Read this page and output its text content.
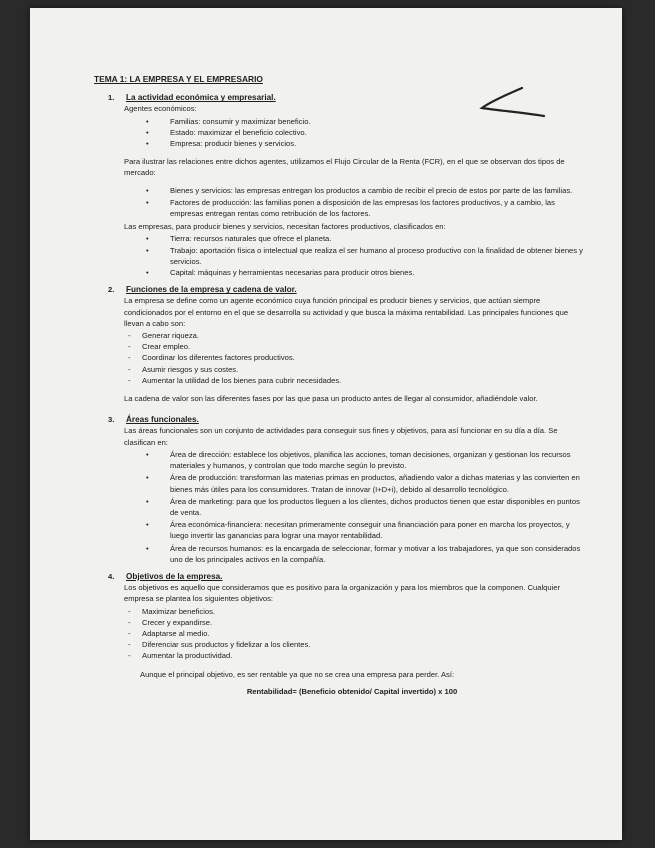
TEMA 1: LA EMPRESA Y EL EMPRESARIO
1.	La actividad económica y empresarial.

Agentes económicos:

• Familias: consumir y maximizar beneficio.
• Estado: maximizar el beneficio colectivo.
• Empresa: producir bienes y servicios.

Para ilustrar las relaciones entre dichos agentes, utilizamos el Flujo Circular de la Renta (FCR), en el que se observan dos tipos de mercado:

• Bienes y servicios: las empresas entregan los productos a cambio de recibir el precio de estos por parte de las familias.
• Factores de producción: las familias ponen a disposición de las empresas los factores productivos, y a cambio, las empresas entregan rentas como retribución de los factores.

Las empresas, para producir bienes y servicios, necesitan factores productivos, clasificados en:

• Tierra: recursos naturales que ofrece el planeta.
• Trabajo: aportación física o intelectual que realiza el ser humano al proceso productivo con la finalidad de obtener bienes y servicios.
• Capital: máquinas y herramientas necesarias para producir otros bienes.
2.	Funciones de la empresa y cadena de valor.

La empresa se define como un agente económico cuya función principal es producir bienes y servicios, que actúan siempre condicionados por el entorno en el que se desarrolla su actividad y que busca la máxima rentabilidad. Las principales funciones que llevan a cabo son:

- Generar riqueza.
- Crear empleo.
- Coordinar los diferentes factores productivos.
- Asumir riesgos y sus costes.
- Aumentar la utilidad de los bienes para cubrir necesidades.

La cadena de valor son las diferentes fases por las que pasa un producto antes de llegar al consumidor, añadiéndole valor.

3.	Áreas funcionales.

Las áreas funcionales son un conjunto de actividades para conseguir sus fines y objetivos, para así funcionar en su día a día. Se clasifican en:

• Área de dirección: establece los objetivos, planifica las acciones, toman decisiones, organizan y gestionan los recursos materiales y humanos, y controlan que todo marche según lo previsto.
• Área de producción: transforman las materias primas en productos, añadiendo valor a dichas materias y las convierten en bienes más útiles para los consumidores. Tratan de innovar (I+D+i), debido al desarrollo tecnológico.
• Área de marketing: para que los productos lleguen a los clientes, dichos productos tienen que estar disponibles en puntos de venta.
• Área económica-financiera: necesitan primeramente conseguir una financiación para poner en marcha los proyectos, y luego invertir las ganancias para lograr una mayor rentabilidad.
• Área de recursos humanos: es la encargada de seleccionar, formar y motivar a los trabajadores, ya que son considerados uno de los principales activos en la compañía.
4.	Objetivos de la empresa.

Los objetivos es aquello que consideramos que es positivo para la organización y para los miembros que la componen. Cualquier empresa se plantea los siguientes objetivos:

- Maximizar beneficios.
- Crecer y expandirse.
- Adaptarse al medio.
- Diferenciar sus productos y fidelizar a los clientes.
- Aumentar la productividad.

Aunque el principal objetivo, es ser rentable ya que no se crea una empresa para perder. Así:

Rentabilidad= (Beneficio obtenido/ Capital invertido) x 100
